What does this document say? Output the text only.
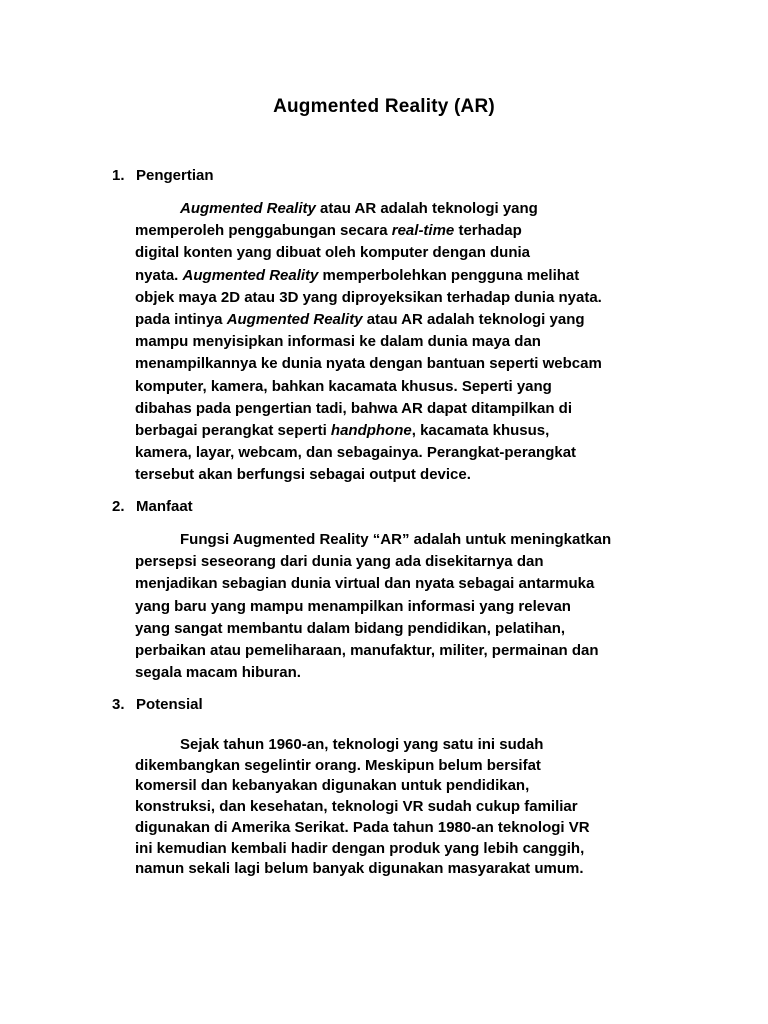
Augmented Reality (AR)
1. Pengertian
Augmented Reality atau AR adalah teknologi yang
memperoleh penggabungan secara real-time terhadap
digital konten yang dibuat oleh komputer dengan dunia
nyata. Augmented Reality memperbolehkan pengguna melihat
objek maya 2D atau 3D yang diproyeksikan terhadap dunia nyata.
pada intinya Augmented Reality atau AR adalah teknologi yang
mampu menyisipkan informasi ke dalam dunia maya dan
menampilkannya ke dunia nyata dengan bantuan seperti webcam
komputer, kamera, bahkan kacamata khusus. Seperti yang
dibahas pada pengertian tadi, bahwa AR dapat ditampilkan di
berbagai perangkat seperti handphone, kacamata khusus,
kamera, layar, webcam, dan sebagainya. Perangkat-perangkat
tersebut akan berfungsi sebagai output device.
2. Manfaat
Fungsi Augmented Reality “AR” adalah untuk meningkatkan
persepsi seseorang dari dunia yang ada disekitarnya dan
menjadikan sebagian dunia virtual dan nyata sebagai antarmuka
yang baru yang mampu menampilkan informasi yang relevan
yang sangat membantu dalam bidang pendidikan, pelatihan,
perbaikan atau pemeliharaan, manufaktur, militer, permainan dan
segala macam hiburan.
3. Potensial
Sejak tahun 1960-an, teknologi yang satu ini sudah
dikembangkan segelintir orang. Meskipun belum bersifat
komersil dan kebanyakan digunakan untuk pendidikan,
konstruksi, dan kesehatan, teknologi VR sudah cukup familiar
digunakan di Amerika Serikat. Pada tahun 1980-an teknologi VR
ini kemudian kembali hadir dengan produk yang lebih canggih,
namun sekali lagi belum banyak digunakan masyarakat umum.
